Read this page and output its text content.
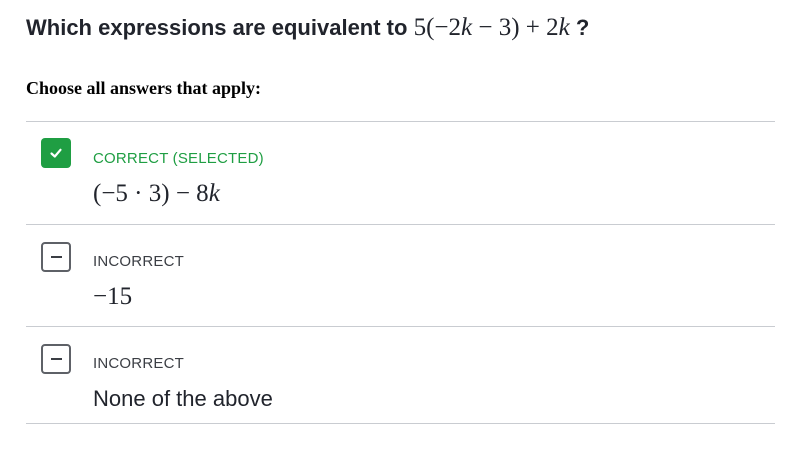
Which expressions are equivalent to 5(−2k − 3) + 2k ?
Choose all answers that apply:
CORRECT (SELECTED)
(−5 · 3) − 8k
INCORRECT
−15
INCORRECT
None of the above
